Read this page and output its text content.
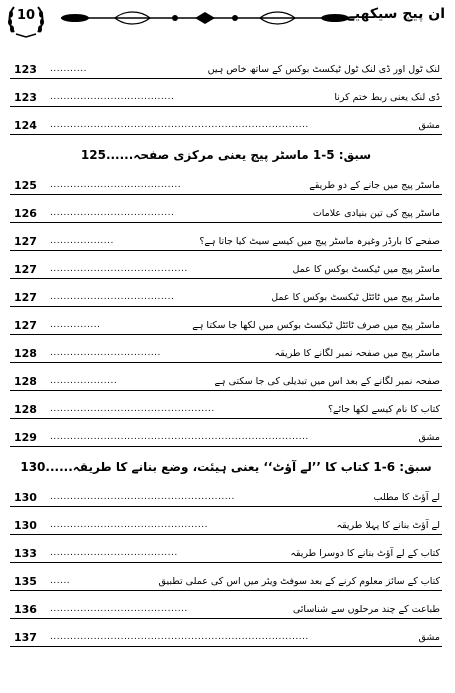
10	ان پیج سیکھیے
123 ...........	لنک ٹول اور ڈی لنک ٹول ٹیکسٹ بوکس کے ساتھ خاص ہیں
123 .....................................	ڈی لنک یعنی ربط ختم کرنا
124 .............................................................................	مشق
سبق: 5-1 ماسٹر پیج یعنی مرکزی صفحہ......125
125 .......................................	ماسٹر پیج میں جانے کے دو طریقے
126 .....................................	ماسٹر پیج کی تین بنیادی علامات
127 ...................	صفحے کا بارڈر وغیرہ ماسٹر پیج میں کیسے سیٹ کیا جاتا ہے؟
127 .........................................	ماسٹر پیج میں ٹیکسٹ بوکس کا عمل
127 .....................................	ماسٹر پیج میں ٹائٹل ٹیکسٹ بوکس کا عمل
127 ...............	ماسٹر پیج میں صرف ٹائٹل ٹیکسٹ بوکس میں لکھا جا سکتا ہے
128 .................................	ماسٹر پیج میں صفحہ نمبر لگانے کا طریقہ
128 ....................	صفحہ نمبر لگانے کے بعد اس میں تبدیلی کی جا سکتی ہے
128 .................................................	کتاب کا نام کیسے لکھا جائے؟
129 .............................................................................	مشق
سبق: 6-1 کتاب کا ’’لے آؤٹ‘‘ یعنی ہیئت، وضع بنانے کا طریقہ......130
130 .......................................................	لے آؤٹ کا مطلب
130 ...............................................	لے آؤٹ بنانے کا پہلا طریقہ
133 ......................................	کتاب کے لے آؤٹ بنانے کا دوسرا طریقہ
135 ......	کتاب کے سائز معلوم کرنے کے بعد سوفٹ ویئر میں اس کی عملی تطبیق
136 .........................................	طباعت کے چند مرحلوں سے شناسائی
137 .............................................................................	مشق
